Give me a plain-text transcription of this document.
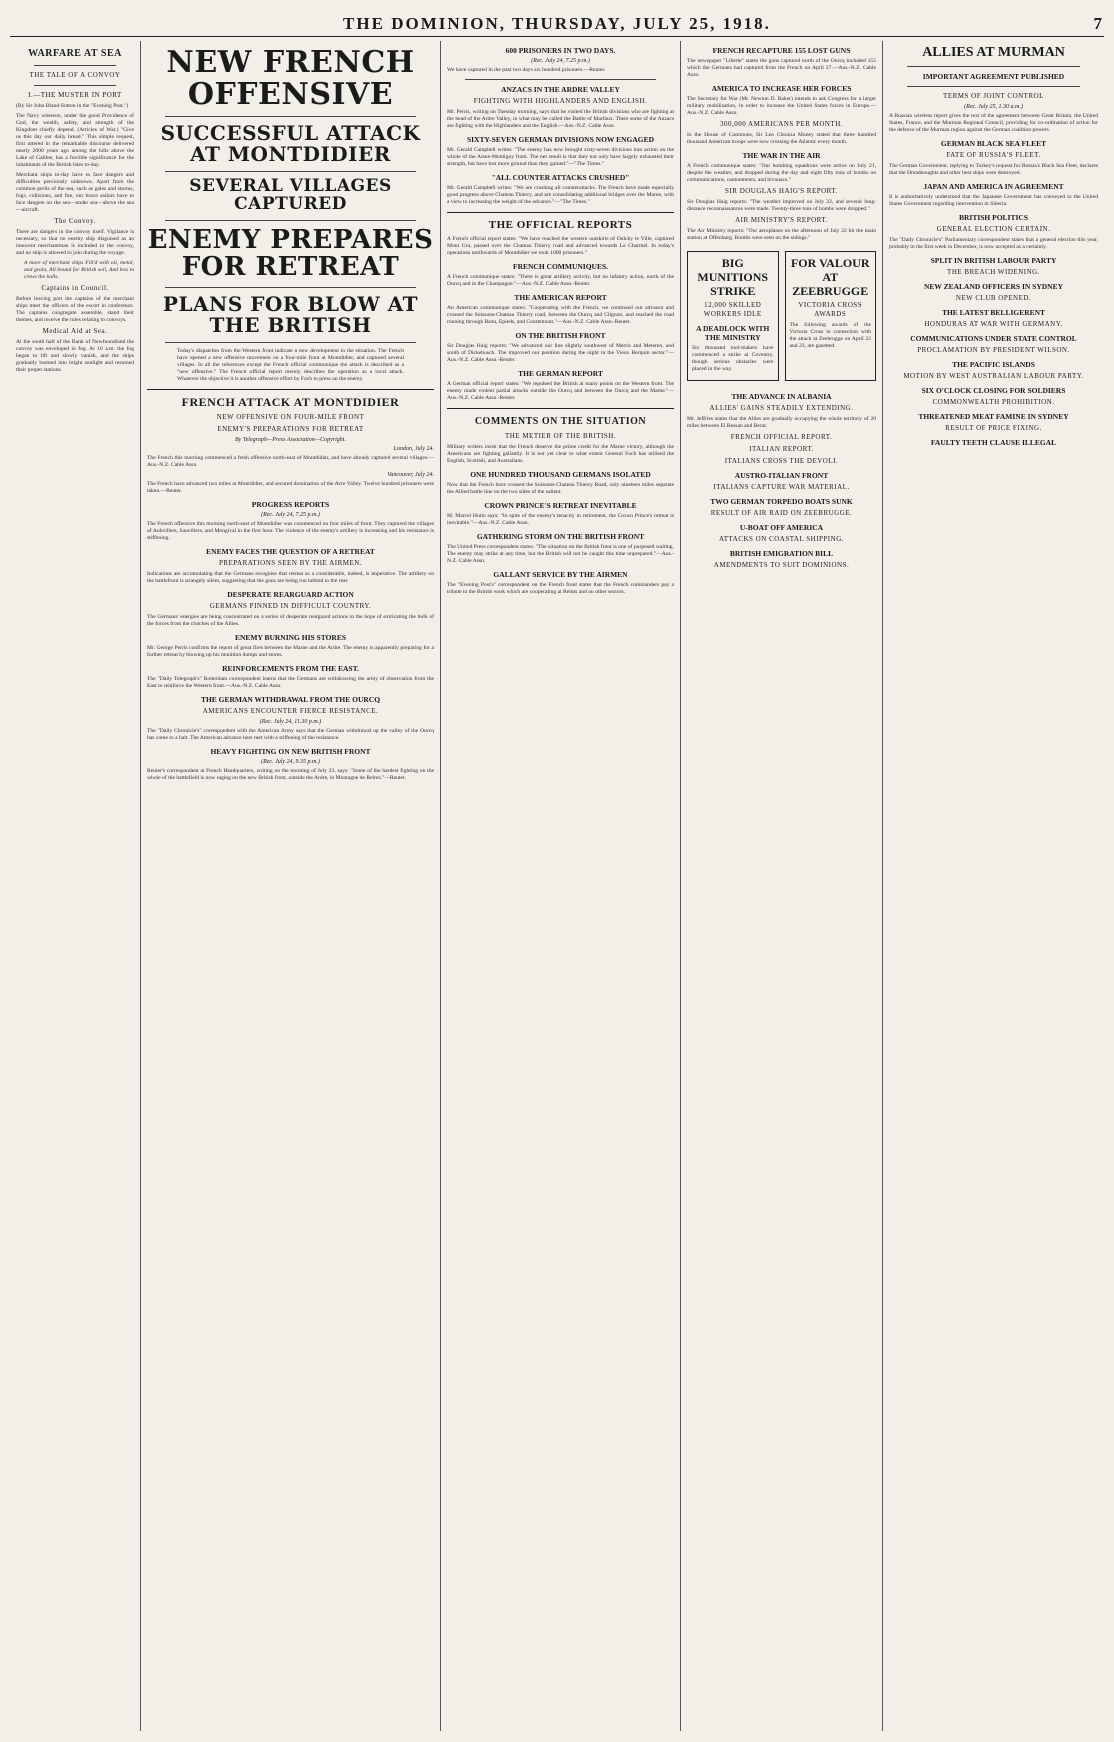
THE DOMINION, THURSDAY, JULY 25, 1918.	7
WARFARE AT SEA
THE TALE OF A CONVOY
I.—THE MUSTER IN PORT

(By Sir John Bland-Sutton in the "Evening Post.")

The Navy whereon, under the good Providence of God, the wealth, safety, and strength of the Kingdom chiefly depend. (Articles of War.) "Give us this day our daily bread." This simple request, first uttered in the remarkable discourse delivered nearly 2000 years ago among the hills above the Lake of Galilee, has a forcible significance for the inhabitants of the British Isles to-day.

Merchant ships to-day have to face dangers and difficulties previously unknown. Apart from the common perils of the sea, such as gales and storms, fogs, collisions, and fire, our brave sailors have to face dangers on the sea—under sea—above the sea—aircraft.

The Convoy.

There are dangers in the convoy itself. Vigilance is necessary, so that no enemy ship disguised as an innocent merchantman is included in the convoy, and no ship is allowed to join during the voyage.

A more of merchant ships Fill'd with oil, metal, and grain, All bound for British soil, And less in crews the balls.

Captains in Council.

Before leaving port the captains of the merchant ships meet the officers of the escort in conference. The captains congregate assemble, stand their themes, and receive the rules relating to convoys.

Medical Aid at Sea.

At the south half of the Bank of Newfoundland the convoy was enveloped in fog. At 10 a.m. the fog began to lift and slowly vanish, and the ships gradually loomed into bright sunlight and resumed their proper stations.

NEW FRENCH OFFENSIVE
SUCCESSFUL ATTACK AT MONTDIDIER
SEVERAL VILLAGES CAPTURED
ENEMY PREPARES FOR RETREAT
PLANS FOR BLOW AT THE BRITISH

Today's dispatches from the Western front indicate a new development in the situation. The French have opened a new offensive movement on a four-mile front at Montdidier, and captured several villages. In all the references except the French official communique the attack is described as a "new offensive." The French official report merely describes the operation as a local attack. Whatever the objective it is another offensive effort by Foch to press on the enemy.

FRENCH ATTACK AT MONTDIDIER
NEW OFFENSIVE ON FOUR-MILE FRONT
ENEMY'S PREPARATIONS FOR RETREAT
By Telegraph—Press Association—Copyright.
London, July 24.

The French this morning commenced a fresh offensive north-east of Montdidier, and have already captured several villages.—Aus.-N.Z. Cable Assn.

Vancouver, July 24.

The French have advanced two miles at Montdidier, and secured domination of the Avre Valley. Twelve hundred prisoners were taken.—Reuter.

PROGRESS REPORTS
(Rec. July 24, 7.25 p.m.)

The French offensive this morning north-east of Montdidier was commenced on four miles of front. They captured the villages of Aubvillers, Sauvillers, and Mongival in the first hour. The violence of the enemy's artillery is increasing and his resistance is stiffening.

ENEMY FACES THE QUESTION OF A RETREAT
PREPARATIONS SEEN BY THE AIRMEN.

Indications are accumulating that the Germans recognise that retreat as a considerable, indeed, is imperative. The artillery on the battlefront is strangely silent, suggesting that the guns are being run behind to the rear.

DESPERATE REARGUARD ACTION
GERMANS PINNED IN DIFFICULT COUNTRY.

The Germans' energies are being concentrated on a series of desperate rearguard actions in the hope of extricating the bulk of the forces from the clutches of the Allies.

ENEMY BURNING HIS STORES

Mr. George Perris confirms the report of great fires between the Marne and the Ardre. The enemy is apparently preparing for a further retreat by blowing up his munition dumps and stores.

REINFORCEMENTS FROM THE EAST.

The "Daily Telegraph's" Rotterdam correspondent learns that the Germans are withdrawing the army of observation from the East to reinforce the Western front.—Aus.-N.Z. Cable Assn.

THE GERMAN WITHDRAWAL FROM THE OURCQ
AMERICANS ENCOUNTER FIERCE RESISTANCE.
(Rec. July 24, 11.30 p.m.)

The "Daily Chronicle's" correspondent with the American Army says that the German withdrawal up the valley of the Ourcq has come to a halt. The American advance here met with a stiffening of the resistance.

HEAVY FIGHTING ON NEW BRITISH FRONT
(Rec. July 24, 9.35 p.m.)

Reuter's correspondent at French Headquarters, writing on the morning of July 23, says: "Some of the hardest fighting on the whole of the battlefield is now raging on the new British front, outside the Ardre, in Montagne de Reims."—Reuter.

600 PRISONERS IN TWO DAYS.
(Rec. July 24, 7.25 p.m.)

We have captured in the past two days six hundred prisoners.—Reuter.

ANZACS IN THE ARDRE VALLEY
FIGHTING WITH HIGHLANDERS AND ENGLISH.

Mr. Perris, writing on Tuesday morning, says that he visited the British divisions who are fighting at the head of the Ardre Valley, in what may be called the Battle of Marfaux. There some of the Anzacs are fighting with the Highlanders and the English.—Aus.-N.Z. Cable Assn.

SIXTY-SEVEN GERMAN DIVISIONS NOW ENGAGED

Mr. Gerald Campbell writes: "The enemy has now brought sixty-seven divisions into action on the whole of the Aisne-Montigny front. The net result is that they not only have largely exhausted their strength, but have lost more ground than they gained."—"The Times."

"ALL COUNTER ATTACKS CRUSHED"

Mr. Gerald Campbell writes: "We are crushing all counterattacks. The French have made especially good progress above Chateau Thierry, and are consolidating additional bridges over the Marne, with a view to increasing the weight of the advance."—"The Times."

THE OFFICIAL REPORTS

A French official report states: "We have reached the western outskirts of Oulchy le Ville, captured Mont Gru, passed over the Chateau Thierry road and advanced towards Le Charmel. In today's operations northwards of Montdidier we took 1000 prisoners."

FRENCH COMMUNIQUES.

A French communique states: "There is great artillery activity, but no infantry action, north of the Ourcq and in the Champagne."—Aus.-N.Z. Cable Assn.-Reuter.

THE AMERICAN REPORT

An American communique states: "Cooperating with the French, we continued our advance and crossed the Soissons-Chateau Thierry road, between the Ourcq and Clignon, and reached the road running through Bezu, Epieds, and Courtemont."—Aus.-N.Z. Cable Assn.-Reuter.

ON THE BRITISH FRONT

Sir Douglas Haig reports: "We advanced our line slightly southwest of Merris and Meteren, and south of Dickebusch. The improved our position during the night in the Vieux Berquin sector."—Aus.-N.Z. Cable Assn.-Reuter.

THE GERMAN REPORT

A German official report states: "We repulsed the British at many points on the Western front. The enemy made violent partial attacks outside the Ourcq and between the Ourcq and the Marne."—Aus.-N.Z. Cable Assn.-Reuter.

COMMENTS ON THE SITUATION
THE METIER OF THE BRITISH.

Military writers insist that the French deserve the prime credit for the Marne victory, although the Americans are fighting gallantly. It is not yet clear to what extent General Foch has utilised the English, Scottish, and Australians.

ONE HUNDRED THOUSAND GERMANS ISOLATED

Now that the French have crossed the Soissons-Chateau Thierry Road, only nineteen miles separate the Allied battle line on the two sides of the salient.

CROWN PRINCE'S RETREAT INEVITABLE

M. Marcel Hutin says: "In spite of the enemy's tenacity in retirement, the Crown Prince's retreat is inevitable."—Aus.-N.Z. Cable Assn.

GATHERING STORM ON THE BRITISH FRONT

The United Press correspondent states: "The situation on the British front is one of purposed waiting. The enemy may strike at any time, but the British will not be caught this time unprepared."—Aus.-N.Z. Cable Assn.

GALLANT SERVICE BY THE AIRMEN

The "Evening Post's" correspondent on the French front states that the French commanders pay a tribute to the British work which are cooperating at Reims and on other sectors.

FRENCH RECAPTURE 155 LOST GUNS

The newspaper "Liberte" states the guns captured north of the Ourcq included 155 which the Germans had captured from the French on April 27.—Aus.-N.Z. Cable Assn.

AMERICA TO INCREASE HER FORCES

The Secretary for War (Mr. Newton D. Baker) intends to ask Congress for a larger military mobilisation, in order to increase the United States forces in Europe.—Aus.-N.Z. Cable Assn.

300,000 AMERICANS PER MONTH.

In the House of Commons, Sir Leo Chiozza Money stated that three hundred thousand American troops were now crossing the Atlantic every month.

THE WAR IN THE AIR

A French communique states: "Our bombing squadrons were active on July 21, despite the weather, and dropped during the day and night fifty tons of bombs on communications, cantonments, and bivouacs."

SIR DOUGLAS HAIG'S REPORT.

Sir Douglas Haig reports: "The weather improved on July 22, and several long-distance reconnaissances were made. Twenty-three tons of bombs were dropped."

AIR MINISTRY'S REPORT.

The Air Ministry reports: "Our aeroplanes on the afternoon of July 22 hit the main station at Offenburg. Bombs were seen on the sidings."

BIG MUNITIONS STRIKE
12,000 SKILLED WORKERS IDLE
A DEADLOCK WITH THE MINISTRY

Six thousand tool-makers have commenced a strike at Coventry, though serious obstacles were placed in the way.

FOR VALOUR AT ZEEBRUGGE
VICTORIA CROSS AWARDS

The following awards of the Victoria Cross in connection with the attack at Zeebrugge on April 22 and 23, are gazetted.

THE ADVANCE IN ALBANIA
ALLIES' GAINS STEADILY EXTENDING.

Mr. Jeffries states that the Allies are gradually occupying the whole territory of 20 miles between El Bessan and Berat.

FRENCH OFFICIAL REPORT.
ITALIAN REPORT.
ITALIANS CROSS THE DEVOLI.
AUSTRO-ITALIAN FRONT
ITALIANS CAPTURE WAR MATERIAL.
TWO GERMAN TORPEDO BOATS SUNK
RESULT OF AIR RAID ON ZEEBRUGGE.
U-BOAT OFF AMERICA
ATTACKS ON COASTAL SHIPPING.
BRITISH EMIGRATION BILL
AMENDMENTS TO SUIT DOMINIONS.
ALLIES AT MURMAN
IMPORTANT AGREEMENT PUBLISHED
TERMS OF JOINT CONTROL
(Rec. July 25, 1.30 a.m.)

A Russian wireless report gives the text of the agreement between Great Britain, the United States, France, and the Murman Regional Council, providing for co-ordination of action for the defence of the Murman region against the German coalition powers.

GERMAN BLACK SEA FLEET
FATE OF RUSSIA'S FLEET.

The German Government, replying to Turkey's request for Russia's Black Sea Fleet, declares that the Dreadnoughts and other best ships were destroyed.

JAPAN AND AMERICA IN AGREEMENT

It is authoritatively understood that the Japanese Government has conveyed to the United States Government regarding intervention in Siberia.

BRITISH POLITICS
GENERAL ELECTION CERTAIN.

The "Daily Chronicle's" Parliamentary correspondent states that a general election this year, probably in the first week in December, is now accepted as a certainty.

SPLIT IN BRITISH LABOUR PARTY
THE BREACH WIDENING.
NEW ZEALAND OFFICERS IN SYDNEY
NEW CLUB OPENED.
THE LATEST BELLIGERENT
HONDURAS AT WAR WITH GERMANY.
COMMUNICATIONS UNDER STATE CONTROL
PROCLAMATION BY PRESIDENT WILSON.
THE PACIFIC ISLANDS
MOTION BY WEST AUSTRALIAN LABOUR PARTY.
SIX O'CLOCK CLOSING FOR SOLDIERS
COMMONWEALTH PROHIBITION.
THREATENED MEAT FAMINE IN SYDNEY
RESULT OF PRICE FIXING.
FAULTY TEETH CLAUSE ILLEGAL
